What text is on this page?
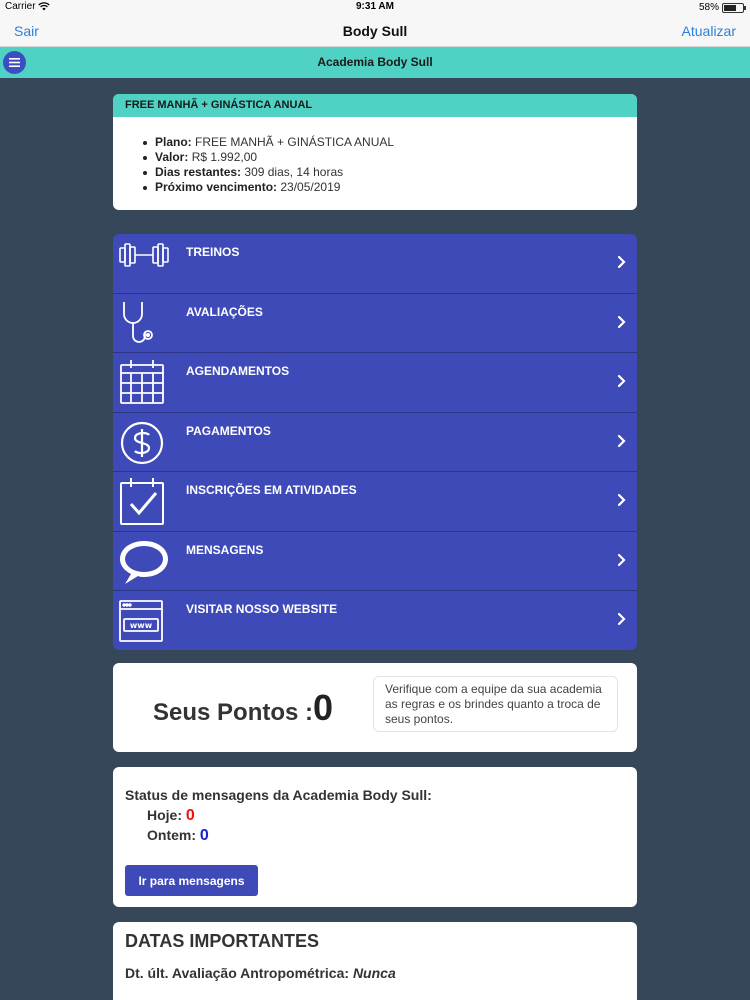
Carrier	9:31 AM	58%
Sair	Body Sull	Atualizar
Academia Body Sull
FREE MANHÃ + GINÁSTICA ANUAL
Plano: FREE MANHÃ + GINÁSTICA ANUAL
Valor: R$ 1.992,00
Dias restantes: 309 dias, 14 horas
Próximo vencimento: 23/05/2019
TREINOS
AVALIAÇÕES
AGENDAMENTOS
PAGAMENTOS
INSCRIÇÕES EM ATIVIDADES
MENSAGENS
www
VISITAR NOSSO WEBSITE
Seus Pontos : 0	Verifique com a equipe da sua academia as regras e os brindes quanto a troca de seus pontos.
Status de mensagens da Academia Body Sull:
Hoje: 0
Ontem: 0
Ir para mensagens
DATAS IMPORTANTES
Dt. últ. Avaliação Antropométrica: Nunca
